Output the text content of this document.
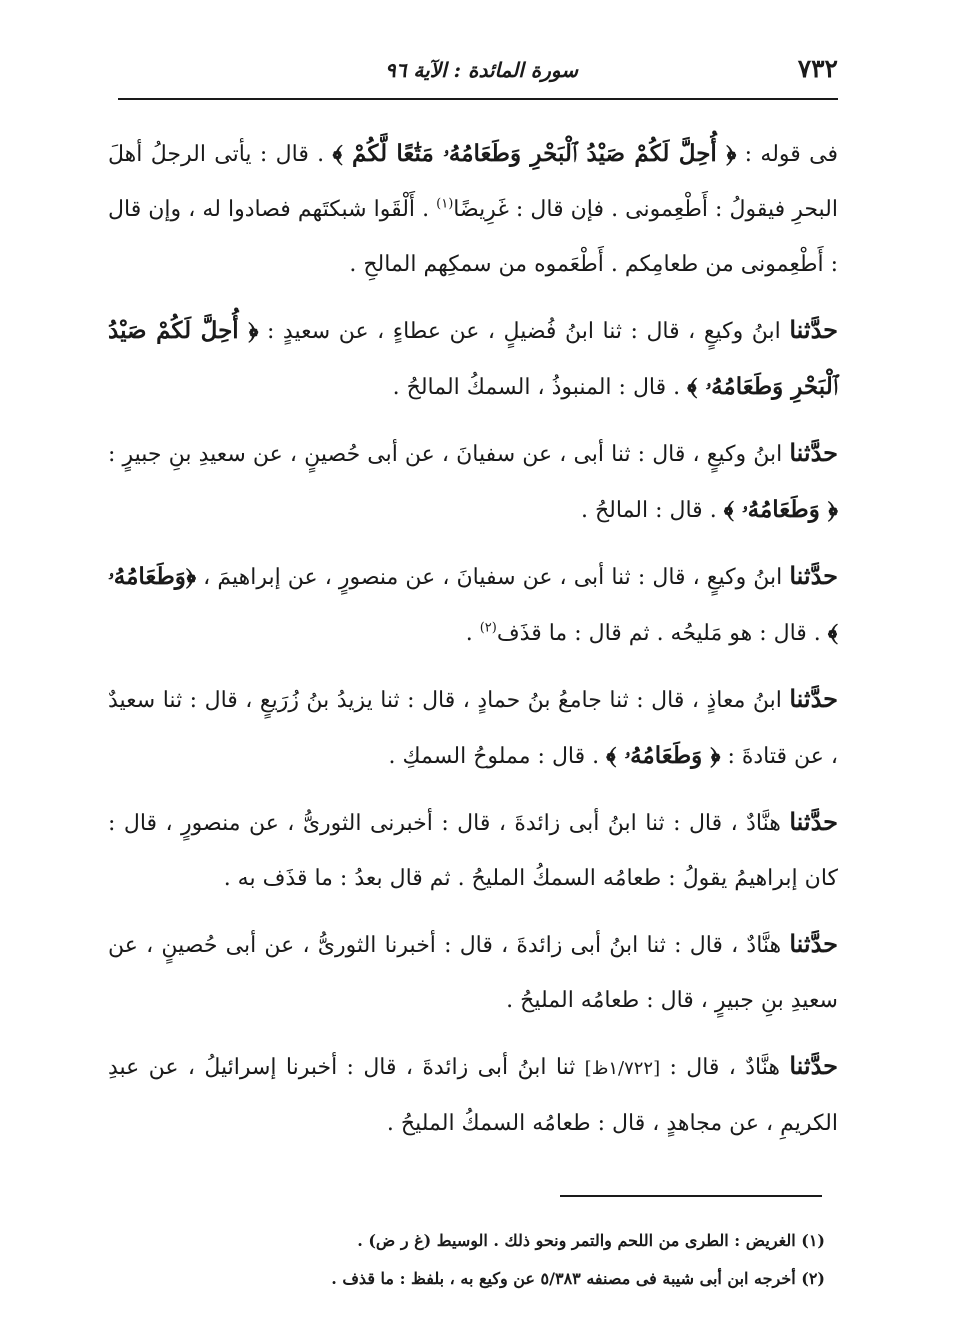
٧٣٢
سورة المائدة : الآية ٩٦

فى قوله : ﴿ أُحِلَّ لَكُمْ صَيْدُ ٱلْبَحْرِ وَطَعَامُهُۥ مَتَٰعًا لَّكُمْ ﴾ . قال : يأتى الرجلُ أهلَ البحرِ فيقولُ : أَطْعِمونى . فإن قال : غَرِيضًا$^{(١)}$ . أَلْقَوا شبكتَهم فصادوا له ، وإن قال : أَطْعِمونى من طعامِكم . أَطْعَموه من سمكِهم المالحِ .

حدَّثنا ابنُ وكيعٍ ، قال : ثنا ابنُ فُضيلٍ ، عن عطاءٍ ، عن سعيدٍ : ﴿ أُحِلَّ لَكُمْ صَيْدُ ٱلْبَحْرِ وَطَعَامُهُۥ ﴾ . قال : المنبوذُ ، السمكُ المالحُ .

حدَّثنا ابنُ وكيعٍ ، قال : ثنا أبى ، عن سفيانَ ، عن أبى حُصينٍ ، عن سعيدِ بنِ جبيرٍ : ﴿ وَطَعَامُهُۥ ﴾ . قال : المالحُ .

حدَّثنا ابنُ وكيعٍ ، قال : ثنا أبى ، عن سفيانَ ، عن منصورٍ ، عن إبراهيمَ ، ﴿وَطَعَامُهُۥ ﴾ . قال : هو مَليحُه . ثم قال : ما قذَف$^{(٢)}$ .

حدَّثنا ابنُ معاذٍ ، قال : ثنا جامعُ بنُ حمادٍ ، قال : ثنا يزيدُ بنُ زُرَيعٍ ، قال : ثنا سعيدٌ ، عن قتادةَ : ﴿ وَطَعَامُهُۥ ﴾ . قال : مملوحُ السمكِ .

حدَّثنا هنَّادٌ ، قال : ثنا ابنُ أبى زائدةَ ، قال : أخبرنى الثورىُّ ، عن منصورٍ ، قال : كان إبراهيمُ يقولُ : طعامُه السمكُ المليحُ . ثم قال بعدُ : ما قذَف به .

حدَّثنا هنَّادٌ ، قال : ثنا ابنُ أبى زائدةَ ، قال : أخبرنا الثورىُّ ، عن أبى حُصينٍ ، عن سعيدِ بنِ جبيرٍ ، قال : طعامُه المليحُ .

حدَّثنا هنَّادٌ ، قال : [١/٧٢٢ظ] ثنا ابنُ أبى زائدةَ ، قال : أخبرنا إسرائيلُ ، عن عبدِ الكريمِ ، عن مجاهدٍ ، قال : طعامُه السمكُ المليحُ .

(١) الغريض : الطرى من اللحم والتمر ونحو ذلك . الوسيط (غ ر ض) .

(٢) أخرجه ابن أبى شيبة فى مصنفه ٥/٣٨٣ عن وكيع به ، بلفظ : ما قذف .
